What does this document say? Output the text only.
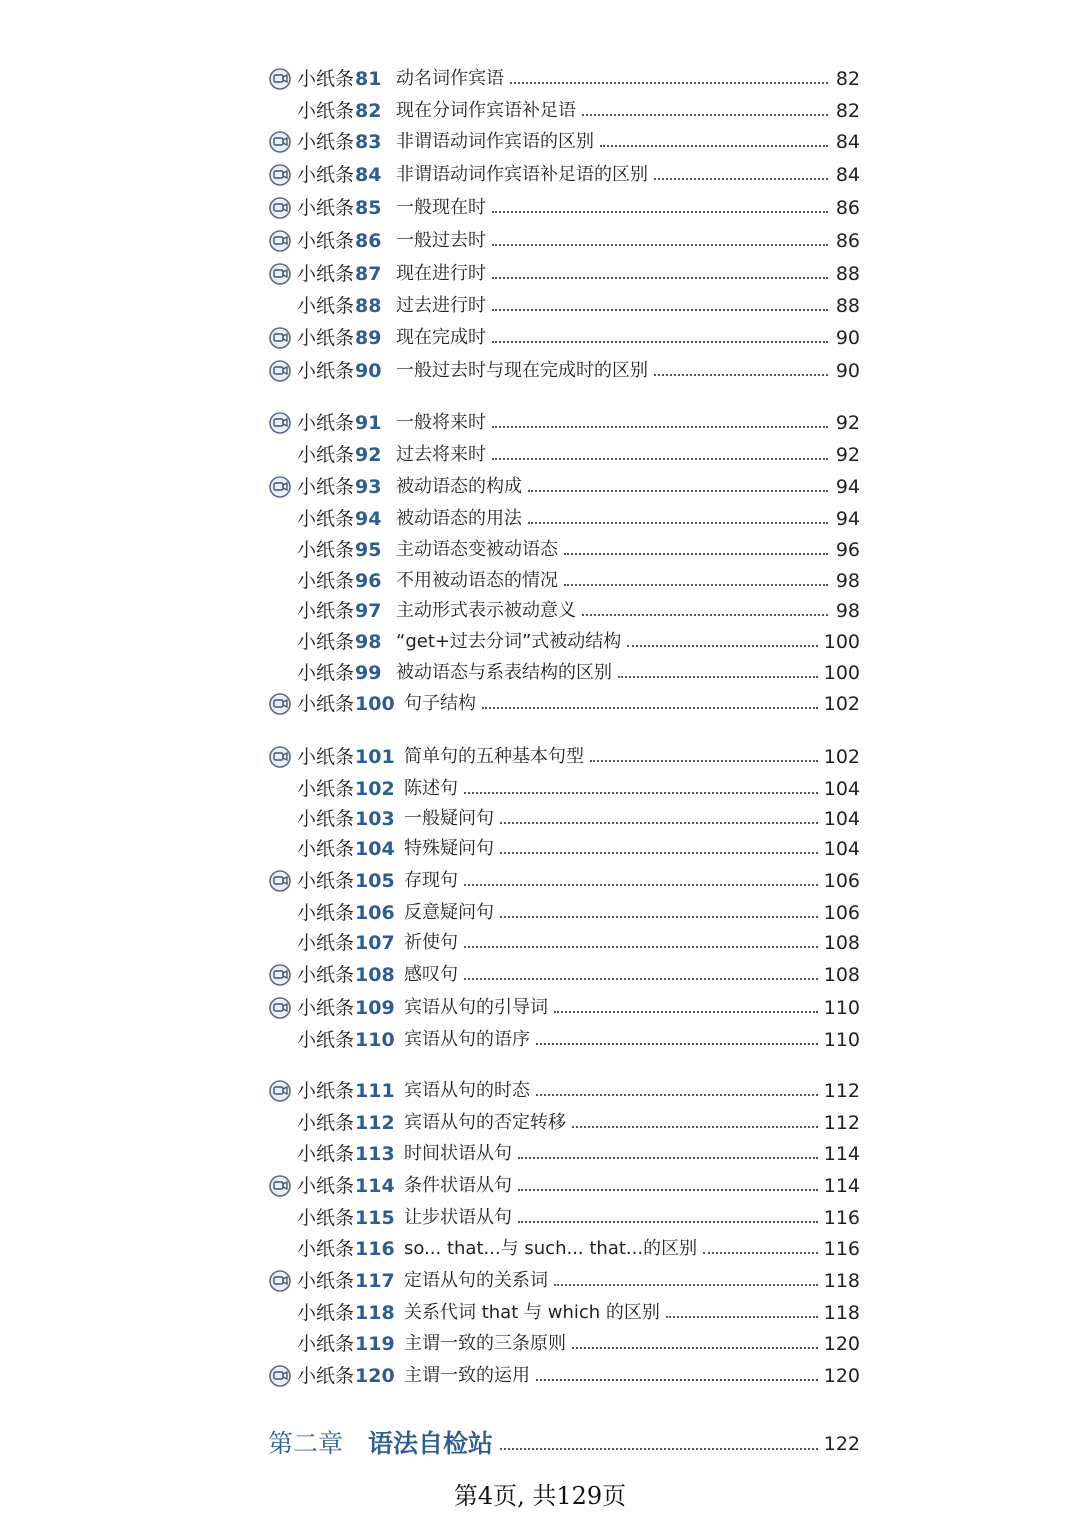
小纸条81 动名词作宾语	82
小纸条82 现在分词作宾语补足语	82
小纸条83 非谓语动词作宾语的区别	84
小纸条84 非谓语动词作宾语补足语的区别	84
小纸条85 一般现在时	86
小纸条86 一般过去时	86
小纸条87 现在进行时	88
小纸条88 过去进行时	88
小纸条89 现在完成时	90
小纸条90 一般过去时与现在完成时的区别	90
小纸条91 一般将来时	92
小纸条92 过去将来时	92
小纸条93 被动语态的构成	94
小纸条94 被动语态的用法	94
小纸条95 主动语态变被动语态	96
小纸条96 不用被动语态的情况	98
小纸条97 主动形式表示被动意义	98
小纸条98 “get+过去分词”式被动结构	100
小纸条99 被动语态与系表结构的区别	100
小纸条100 句子结构	102
小纸条101 简单句的五种基本句型	102
小纸条102 陈述句	104
小纸条103 一般疑问句	104
小纸条104 特殊疑问句	104
小纸条105 存现句	106
小纸条106 反意疑问句	106
小纸条107 祈使句	108
小纸条108 感叹句	108
小纸条109 宾语从句的引导词	110
小纸条110 宾语从句的语序	110
小纸条111 宾语从句的时态	112
小纸条112 宾语从句的否定转移	112
小纸条113 时间状语从句	114
小纸条114 条件状语从句	114
小纸条115 让步状语从句	116
小纸条116 so... that...与 such... that...的区别	116
小纸条117 定语从句的关系词	118
小纸条118 关系代词 that 与 which 的区别	118
小纸条119 主谓一致的三条原则	120
小纸条120 主谓一致的运用	120
第二章 语法自检站	122
第4页, 共129页
